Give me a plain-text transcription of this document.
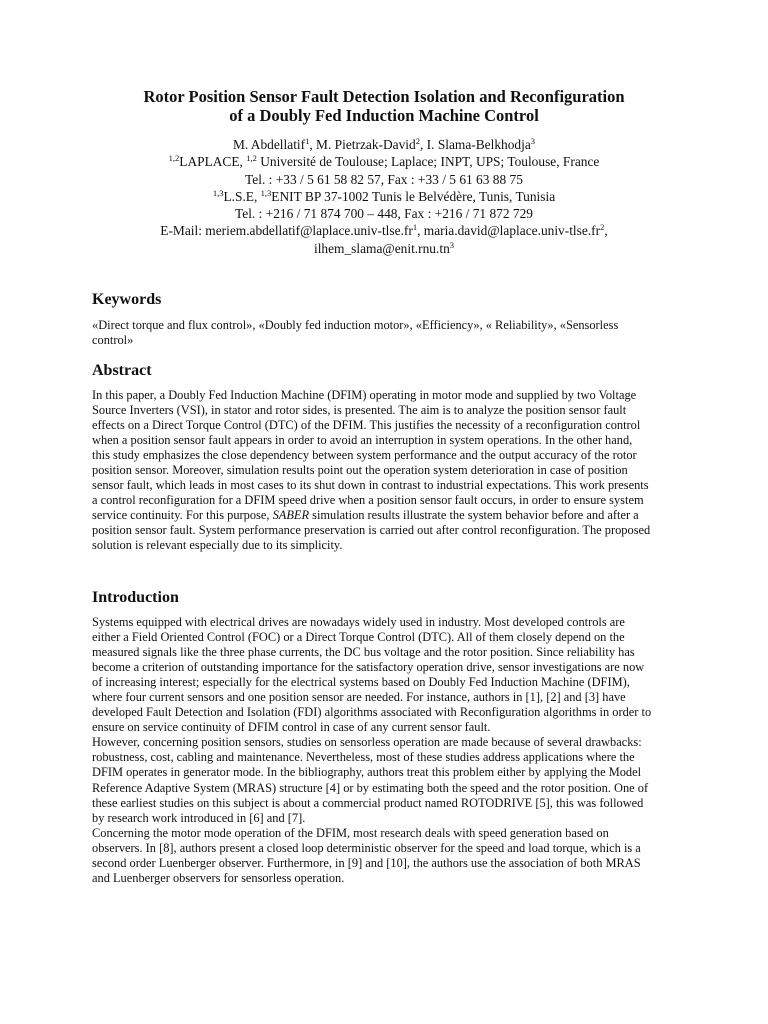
Rotor Position Sensor Fault Detection Isolation and Reconfiguration
of a Doubly Fed Induction Machine Control
M. Abdellatif$^1$, M. Pietrzak-David$^2$, I. Slama-Belkhodja$^3$
$^{1,2}$LAPLACE, $^{1,2}$ Université de Toulouse; Laplace; INPT, UPS; Toulouse, France
Tel. : +33 / 5 61 58 82 57, Fax : +33 / 5 61 63 88 75
$^{1,3}$L.S.E, $^{1,3}$ENIT BP 37-1002 Tunis le Belvédère, Tunis, Tunisia
Tel. : +216 / 71 874 700 – 448, Fax : +216 / 71 872 729
E-Mail: $meriem.abdellatif@laplace.univ-tlse.fr^1$, $maria.david@laplace.univ-tlse.fr^2$,
$ilhem\_slama@enit.rnu.tn^3$
Keywords

«Direct torque and flux control», «Doubly fed induction motor», «Efficiency», « Reliability», «Sensorless control»

Abstract

In this paper, a Doubly Fed Induction Machine (DFIM) operating in motor mode and supplied by two Voltage Source Inverters (VSI), in stator and rotor sides, is presented. The aim is to analyze the position sensor fault effects on a Direct Torque Control (DTC) of the DFIM. This justifies the necessity of a reconfiguration control when a position sensor fault appears in order to avoid an interruption in system operations. In the other hand, this study emphasizes the close dependency between system performance and the output accuracy of the rotor position sensor. Moreover, simulation results point out the operation system deterioration in case of position sensor fault, which leads in most cases to its shut down in contrast to industrial expectations. This work presents a control reconfiguration for a DFIM speed drive when a position sensor fault occurs, in order to ensure system service continuity. For this purpose, SABER simulation results illustrate the system behavior before and after a position sensor fault. System performance preservation is carried out after control reconfiguration. The proposed solution is relevant especially due to its simplicity.

Introduction

Systems equipped with electrical drives are nowadays widely used in industry. Most developed controls are either a Field Oriented Control (FOC) or a Direct Torque Control (DTC). All of them closely depend on the measured signals like the three phase currents, the DC bus voltage and the rotor position. Since reliability has become a criterion of outstanding importance for the satisfactory operation drive, sensor investigations are now of increasing interest; especially for the electrical systems based on Doubly Fed Induction Machine (DFIM), where four current sensors and one position sensor are needed. For instance, authors in [1], [2] and [3] have developed Fault Detection and Isolation (FDI) algorithms associated with Reconfiguration algorithms in order to ensure on service continuity of DFIM control in case of any current sensor fault.

However, concerning position sensors, studies on sensorless operation are made because of several drawbacks: robustness, cost, cabling and maintenance. Nevertheless, most of these studies address applications where the DFIM operates in generator mode. In the bibliography, authors treat this problem either by applying the Model Reference Adaptive System (MRAS) structure [4] or by estimating both the speed and the rotor position. One of these earliest studies on this subject is about a commercial product named ROTODRIVE [5], this was followed by research work introduced in [6] and [7].

Concerning the motor mode operation of the DFIM, most research deals with speed generation based on observers. In [8], authors present a closed loop deterministic observer for the speed and load torque, which is a second order Luenberger observer. Furthermore, in [9] and [10], the authors use the association of both MRAS and Luenberger observers for sensorless operation.
